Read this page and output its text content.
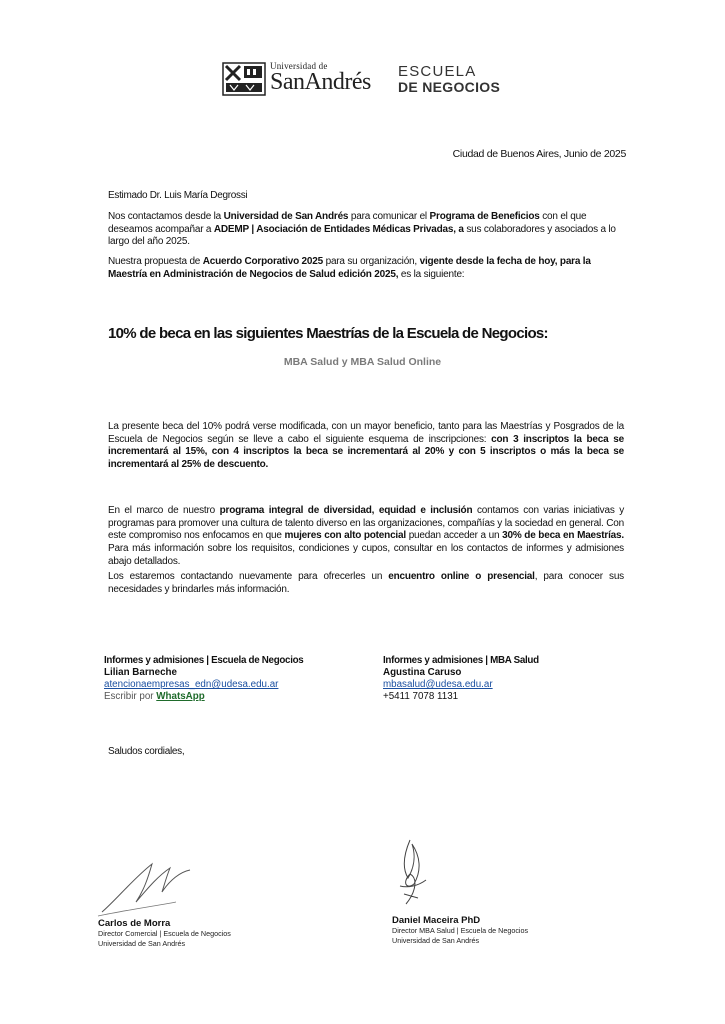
Universidad de
SanAndrés ESCUELA
DE NEGOCIOS
Ciudad de Buenos Aires, Junio de 2025
Estimado Dr. Luis María Degrossi
Nos contactamos desde la Universidad de San Andrés para comunicar el Programa de Beneficios con el que deseamos acompañar a ADEMP | Asociación de Entidades Médicas Privadas, a sus colaboradores y asociados a lo largo del año 2025.
Nuestra propuesta de Acuerdo Corporativo 2025 para su organización, vigente desde la fecha de hoy, para la Maestría en Administración de Negocios de Salud edición 2025, es la siguiente:
10% de beca en las siguientes Maestrías de la Escuela de Negocios:
MBA Salud y MBA Salud Online
La presente beca del 10% podrá verse modificada, con un mayor beneficio, tanto para las Maestrías y Posgrados de la Escuela de Negocios según se lleve a cabo el siguiente esquema de inscripciones: con 3 inscriptos la beca se incrementará al 15%, con 4 inscriptos la beca se incrementará al 20% y con 5 inscriptos o más la beca se incrementará al 25% de descuento.
En el marco de nuestro programa integral de diversidad, equidad e inclusión contamos con varias iniciativas y programas para promover una cultura de talento diverso en las organizaciones, compañías y la sociedad en general. Con este compromiso nos enfocamos en que mujeres con alto potencial puedan acceder a un 30% de beca en Maestrías. Para más información sobre los requisitos, condiciones y cupos, consultar en los contactos de informes y admisiones abajo detallados.
Los estaremos contactando nuevamente para ofrecerles un encuentro online o presencial, para conocer sus necesidades y brindarles más información.
Informes y admisiones | Escuela de Negocios
Lilian Barneche
atencionaempresas_edn@udesa.edu.ar
Escribir por WhatsApp
Informes y admisiones | MBA Salud
Agustina Caruso
mbasalud@udesa.edu.ar
+5411 7078 1131
Saludos cordiales,
Carlos de Morra
Director Comercial | Escuela de Negocios
Universidad de San Andrés
Daniel Maceira PhD
Director MBA Salud | Escuela de Negocios
Universidad de San Andrés
